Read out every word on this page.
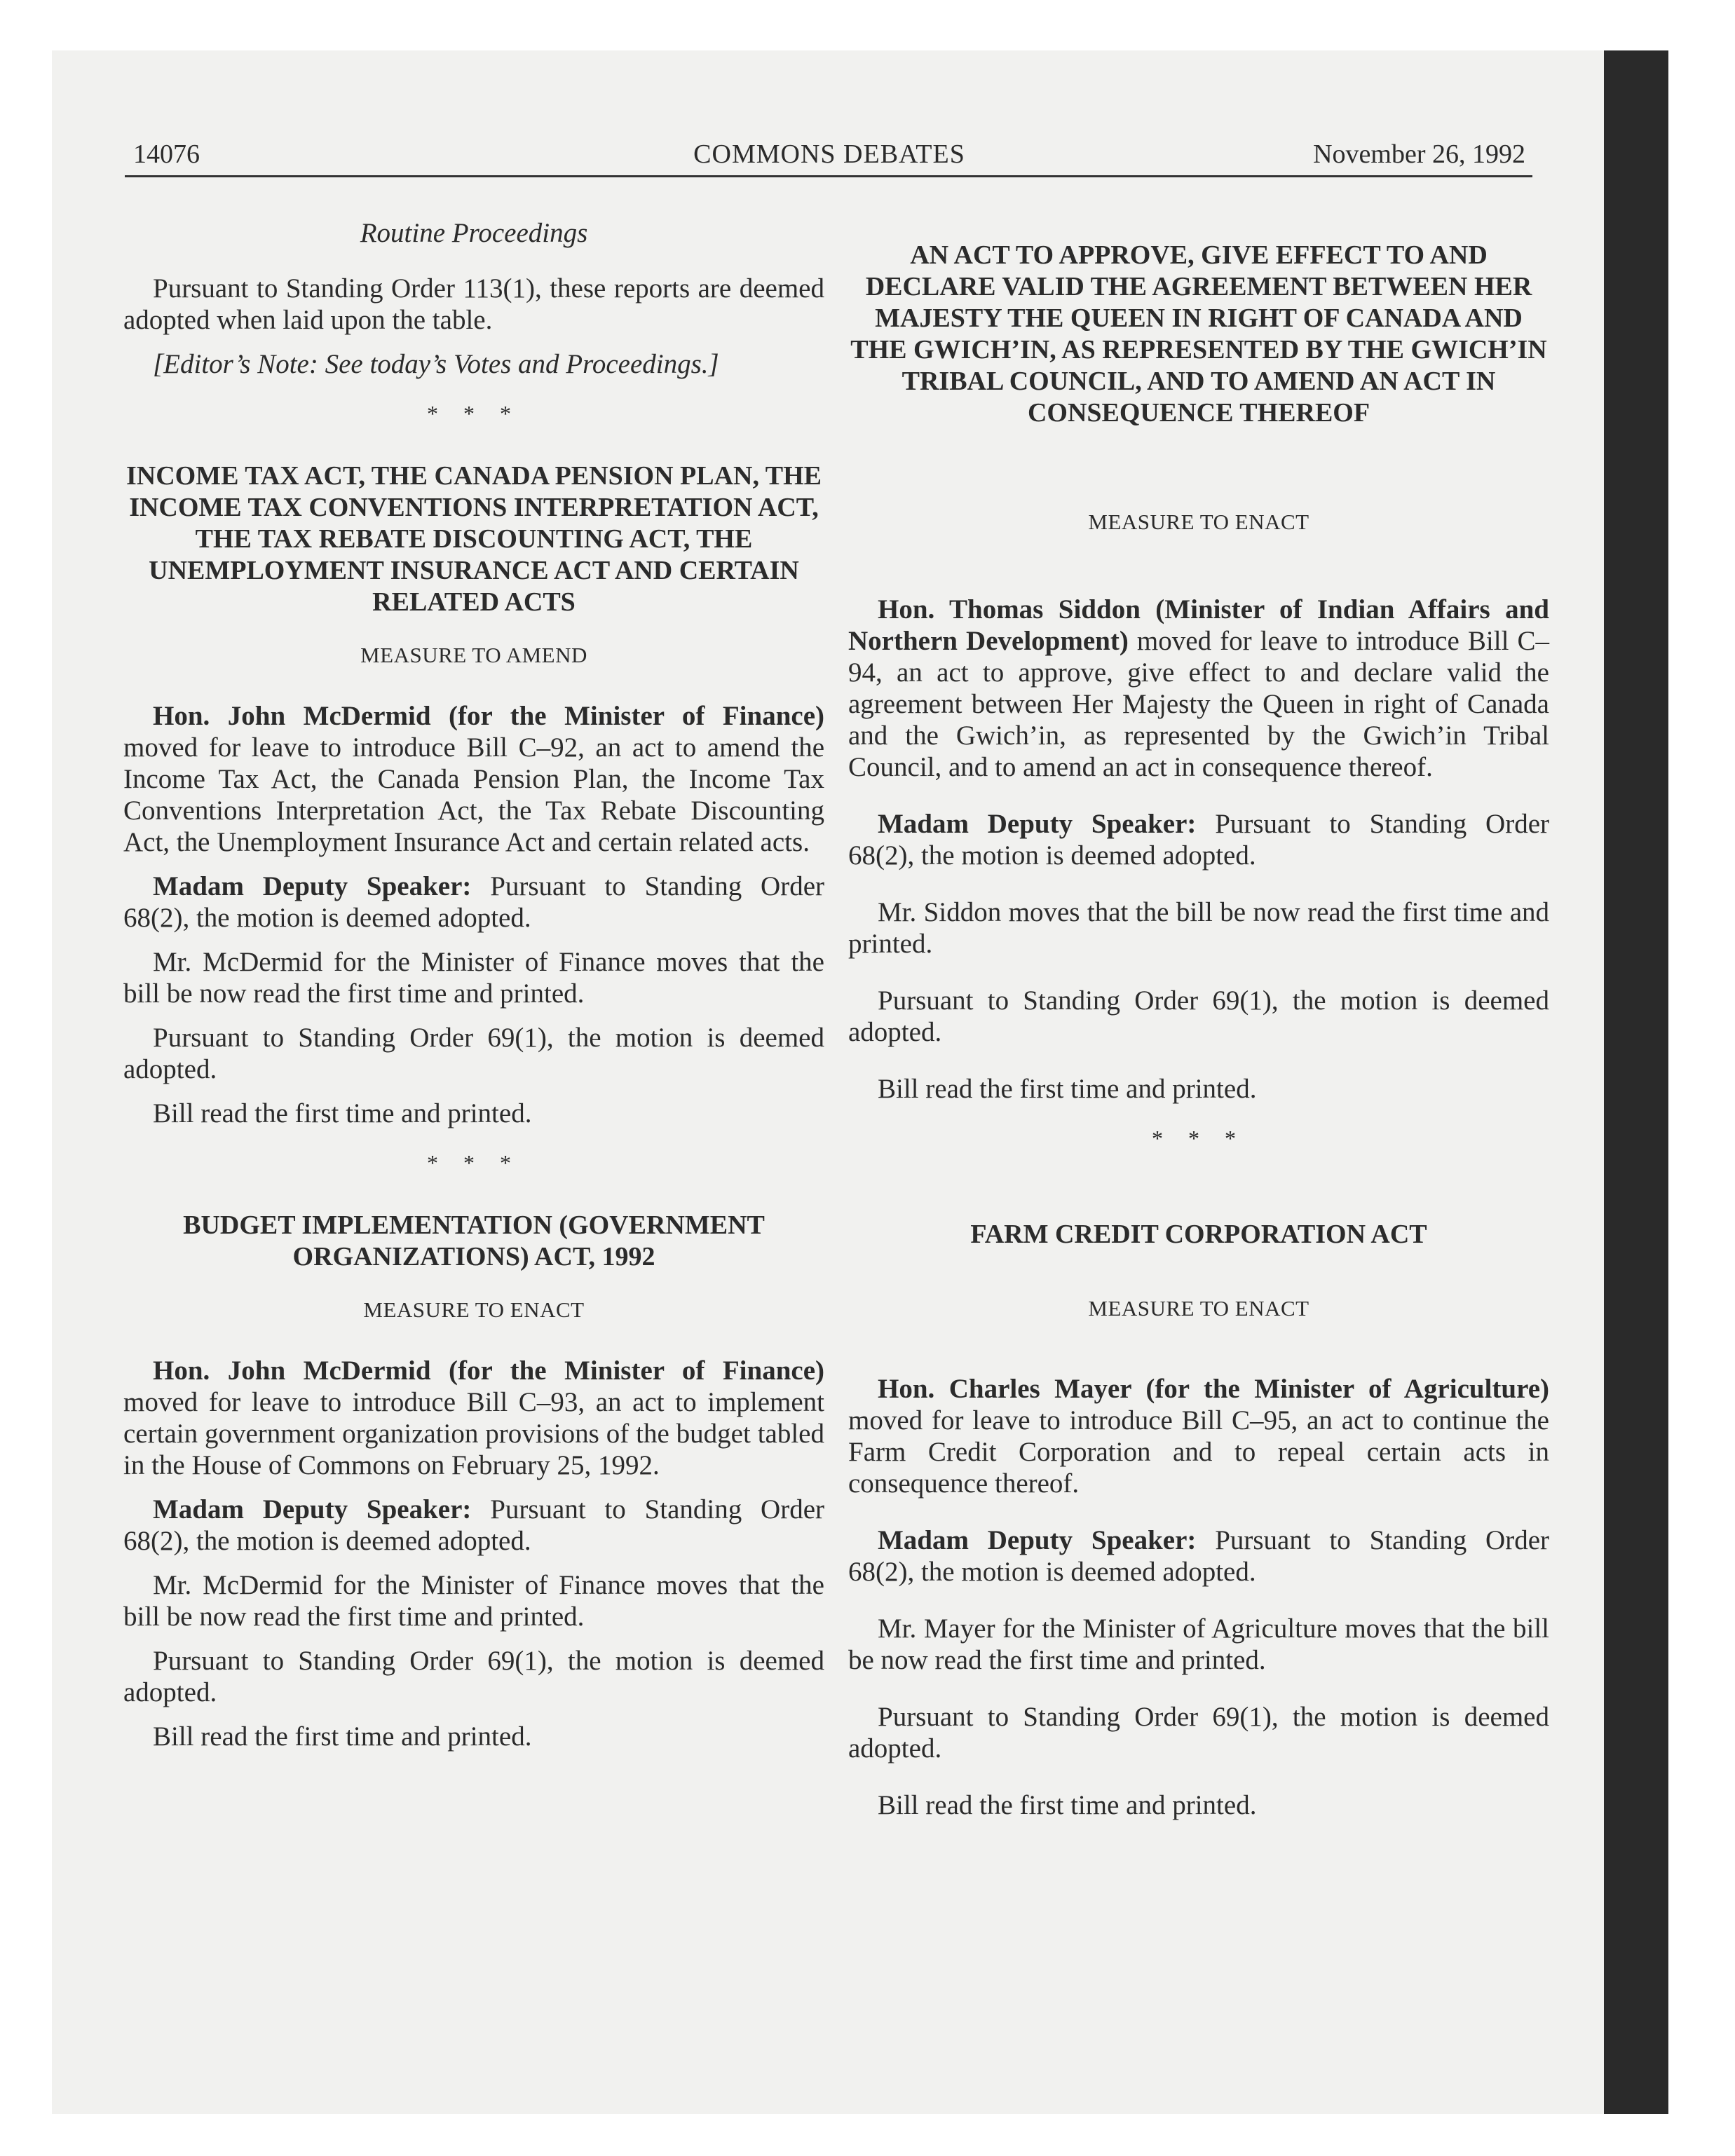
14076	COMMONS DEBATES	November 26, 1992
Routine Proceedings

Pursuant to Standing Order 113(1), these reports are deemed adopted when laid upon the table.

[Editor’s Note: See today’s Votes and Proceedings.]

* * *
INCOME TAX ACT, THE CANADA PENSION PLAN, THE INCOME TAX CONVENTIONS INTERPRETATION ACT, THE TAX REBATE DISCOUNTING ACT, THE UNEMPLOYMENT INSURANCE ACT AND CERTAIN RELATED ACTS
MEASURE TO AMEND

Hon. John McDermid (for the Minister of Finance) moved for leave to introduce Bill C–92, an act to amend the Income Tax Act, the Canada Pension Plan, the Income Tax Conventions Interpretation Act, the Tax Rebate Discounting Act, the Unemployment Insurance Act and certain related acts.

Madam Deputy Speaker: Pursuant to Standing Order 68(2), the motion is deemed adopted.

Mr. McDermid for the Minister of Finance moves that the bill be now read the first time and printed.

Pursuant to Standing Order 69(1), the motion is deemed adopted.

Bill read the first time and printed.

* * *
BUDGET IMPLEMENTATION (GOVERNMENT ORGANIZATIONS) ACT, 1992
MEASURE TO ENACT

Hon. John McDermid (for the Minister of Finance) moved for leave to introduce Bill C–93, an act to implement certain government organization provisions of the budget tabled in the House of Commons on February 25, 1992.

Madam Deputy Speaker: Pursuant to Standing Order 68(2), the motion is deemed adopted.

Mr. McDermid for the Minister of Finance moves that the bill be now read the first time and printed.

Pursuant to Standing Order 69(1), the motion is deemed adopted.

Bill read the first time and printed.

AN ACT TO APPROVE, GIVE EFFECT TO AND DECLARE VALID THE AGREEMENT BETWEEN HER MAJESTY THE QUEEN IN RIGHT OF CANADA AND THE GWICH’IN, AS REPRESENTED BY THE GWICH’IN TRIBAL COUNCIL, AND TO AMEND AN ACT IN CONSEQUENCE THEREOF
MEASURE TO ENACT

Hon. Thomas Siddon (Minister of Indian Affairs and Northern Development) moved for leave to introduce Bill C–94, an act to approve, give effect to and declare valid the agreement between Her Majesty the Queen in right of Canada and the Gwich’in, as represented by the Gwich’in Tribal Council, and to amend an act in consequence thereof.

Madam Deputy Speaker: Pursuant to Standing Order 68(2), the motion is deemed adopted.

Mr. Siddon moves that the bill be now read the first time and printed.

Pursuant to Standing Order 69(1), the motion is deemed adopted.

Bill read the first time and printed.

* * *
FARM CREDIT CORPORATION ACT
MEASURE TO ENACT

Hon. Charles Mayer (for the Minister of Agriculture) moved for leave to introduce Bill C–95, an act to continue the Farm Credit Corporation and to repeal certain acts in consequence thereof.

Madam Deputy Speaker: Pursuant to Standing Order 68(2), the motion is deemed adopted.

Mr. Mayer for the Minister of Agriculture moves that the bill be now read the first time and printed.

Pursuant to Standing Order 69(1), the motion is deemed adopted.

Bill read the first time and printed.
